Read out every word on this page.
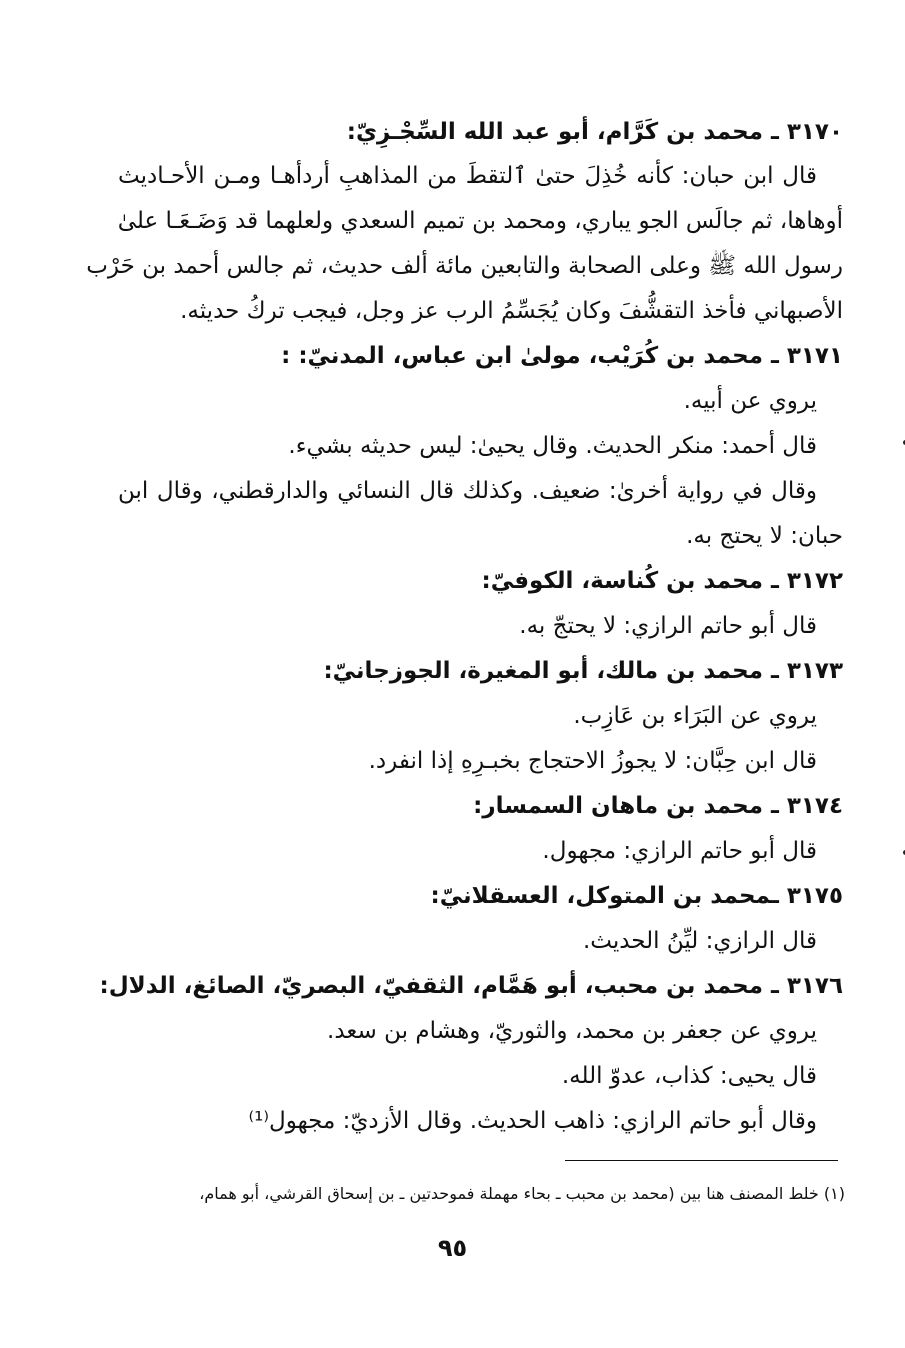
٣١٧٠ ـ محمد بن كَرَّام، أبو عبد الله السِّجْـزِيّ:
قال ابن حبان: كأنه خُذِلَ حتىٰ ٱلتقطَ من المذاهبِ أردأهـا ومـن الأحـاديث
أوهاها، ثم جالَس الجو يباري، ومحمد بن تميم السعدي ولعلهما قد وَضَـعَـا علىٰ
رسول الله ﷺ وعلى الصحابة والتابعين مائة ألف حديث، ثم جالس أحمد بن حَرْب
الأصبهاني فأخذ التقشُّفَ وكان يُجَسِّمُ الرب عز وجل، فيجب تركُ حديثه.
٣١٧١ ـ محمد بن كُرَيْب، مولىٰ ابن عباس، المدنيّ: :
يروي عن أبيه.
قال أحمد: منكر الحديث. وقال يحيىٰ: ليس حديثه بشيء.
وقال في رواية أخرىٰ: ضعيف. وكذلك قال النسائي والدارقطني، وقال ابن
حبان: لا يحتج به.
٣١٧٢ ـ محمد بن كُناسة، الكوفيّ:
قال أبو حاتم الرازي: لا يحتجّ به.
٣١٧٣ ـ محمد بن مالك، أبو المغيرة، الجوزجانيّ:
يروي عن البَرَاء بن عَازِب.
قال ابن حِبَّان: لا يجوزُ الاحتجاج بخبـرِهِ إذا انفرد.
٣١٧٤ ـ محمد بن ماهان السمسار:
قال أبو حاتم الرازي: مجهول.
٣١٧٥ ـمحمد بن المتوكل، العسقلانيّ:
قال الرازي: ليِّنُ الحديث.
٣١٧٦ ـ محمد بن محبب، أبو هَمَّام، الثقفيّ، البصريّ، الصائغ، الدلال:
يروي عن جعفر بن محمد، والثوريّ، وهشام بن سعد.
قال يحيى: كذاب، عدوّ الله.
وقال أبو حاتم الرازي: ذاهب الحديث. وقال الأزديّ: مجهول⁽¹⁾
(١) خلط المصنف هنا بين (محمد بن محبب ـ بحاء مهملة فموحدتين ـ بن إسحاق القرشي، أبو همام،
٩٥
